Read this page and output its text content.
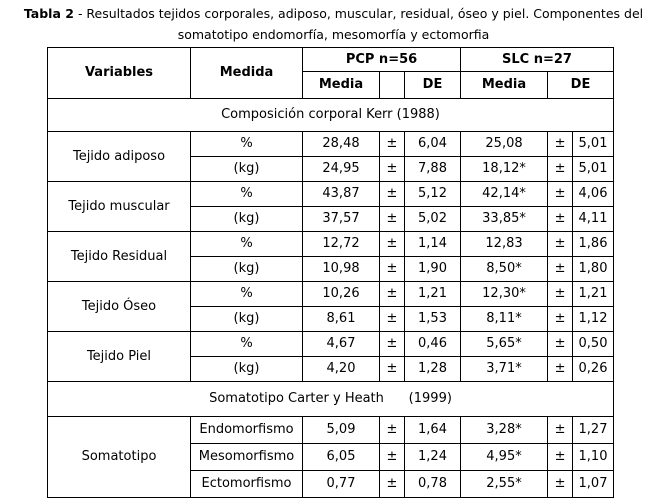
Tabla 2 - Resultados tejidos corporales, adiposo, muscular, residual, óseo y piel. Componentes del
somatotipo endomorfía, mesomorfía y ectomorfia
Variables	Medida	PCP n=56			SLC n=27		
		Media		DE	Media	DE	
Composición corporal Kerr (1988)							
Tejido adiposo	%	28,48	±	6,04	25,08	±	5,01
	(kg)	24,95	±	7,88	18,12*	±	5,01
Tejido muscular	%	43,87	±	5,12	42,14*	±	4,06
	(kg)	37,57	±	5,02	33,85*	±	4,11
Tejido Residual	%	12,72	±	1,14	12,83	±	1,86
	(kg)	10,98	±	1,90	8,50*	±	1,80
Tejido Óseo	%	10,26	±	1,21	12,30*	±	1,21
	(kg)	8,61	±	1,53	8,11*	±	1,12
Tejido Piel	%	4,67	±	0,46	5,65*	±	0,50
	(kg)	4,20	±	1,28	3,71*	±	0,26
Somatotipo Carter y Heath      (1999)							
Somatotipo	Endomorfismo	5,09	±	1,64	3,28*	±	1,27
	Mesomorfismo	6,05	±	1,24	4,95*	±	1,10
	Ectomorfismo	0,77	±	0,78	2,55*	±	1,07
